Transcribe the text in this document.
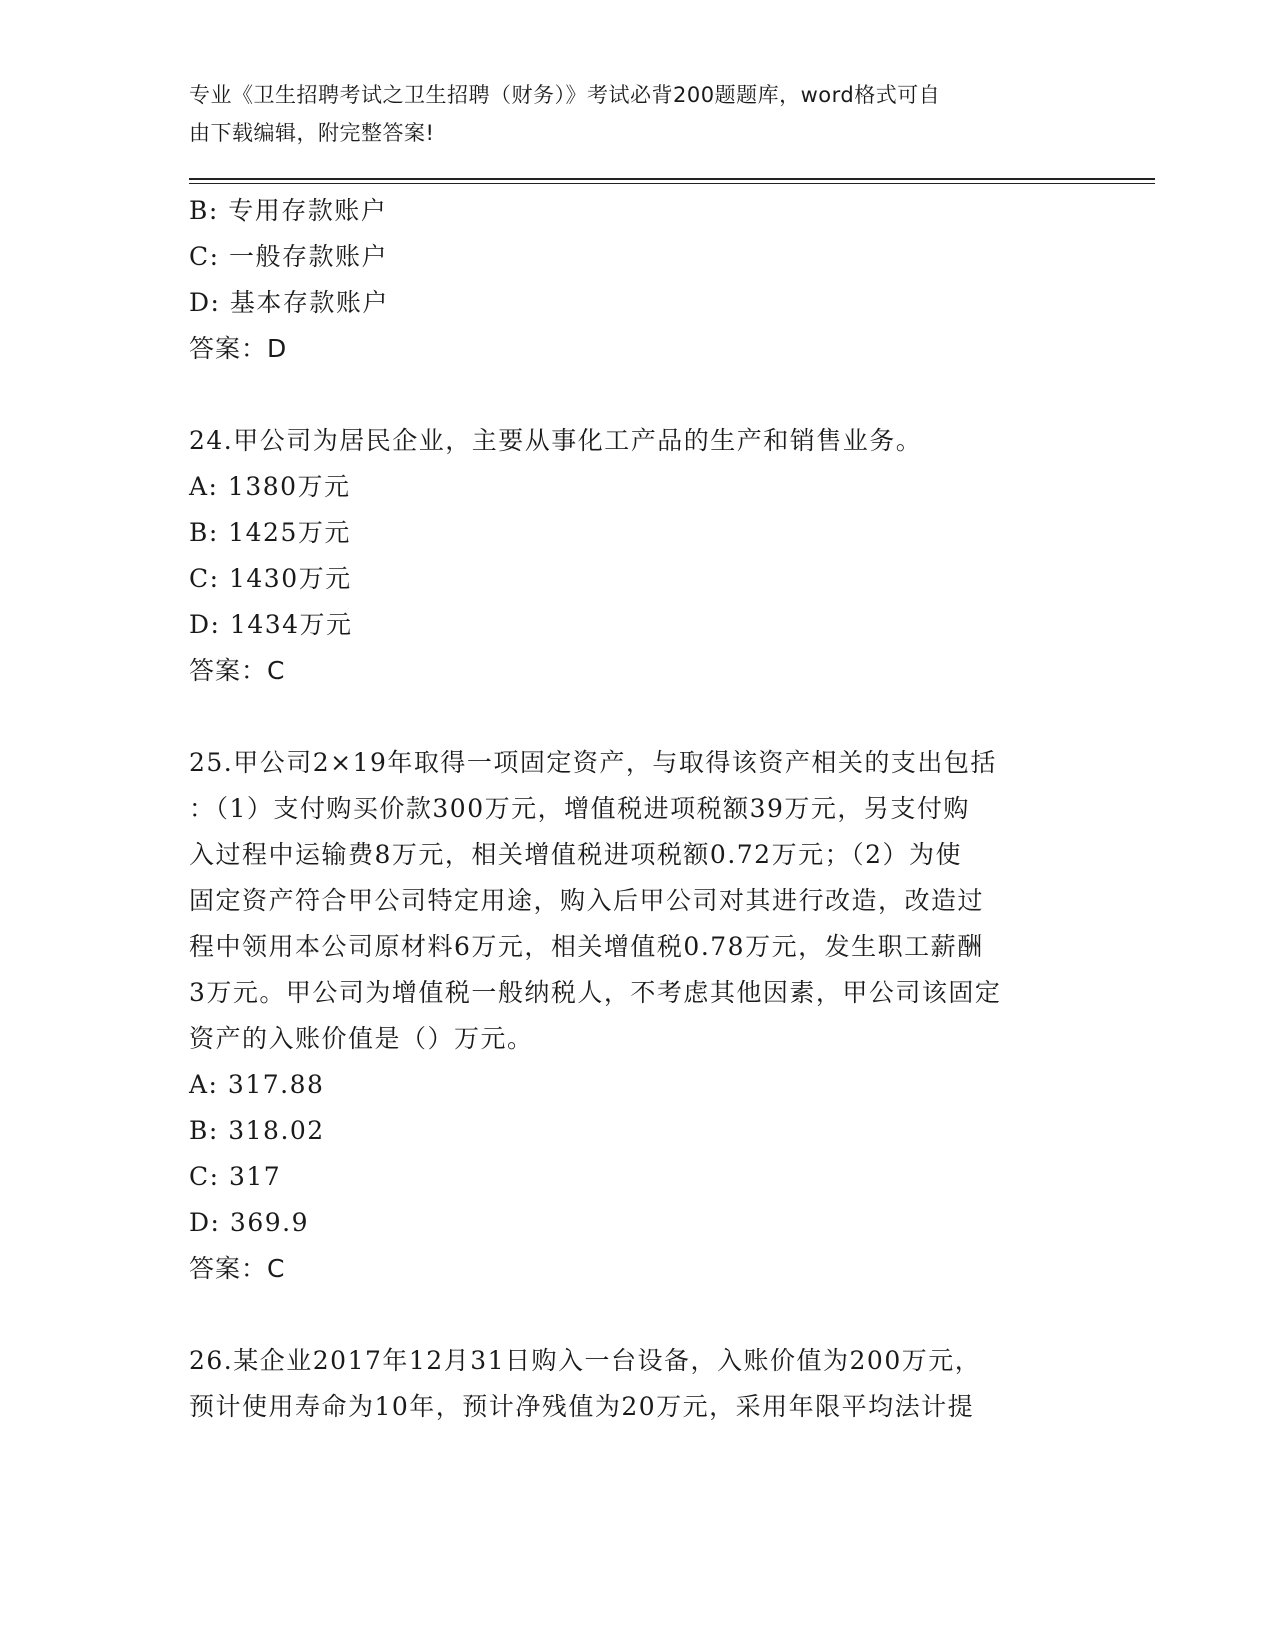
专业《卫生招聘考试之卫生招聘（财务）》考试必背200题题库，word格式可自
由下载编辑，附完整答案!
B: 专用存款账户
C: 一般存款账户
D: 基本存款账户
答案：D
24.甲公司为居民企业，主要从事化工产品的生产和销售业务。
A: 1380万元
B: 1425万元
C: 1430万元
D: 1434万元
答案：C
25.甲公司2×19年取得一项固定资产，与取得该资产相关的支出包括
：（1）支付购买价款300万元，增值税进项税额39万元，另支付购
入过程中运输费8万元，相关增值税进项税额0.72万元；（2）为使
固定资产符合甲公司特定用途，购入后甲公司对其进行改造，改造过
程中领用本公司原材料6万元，相关增值税0.78万元，发生职工薪酬
3万元。甲公司为增值税一般纳税人，不考虑其他因素，甲公司该固定
资产的入账价值是（）万元。
A: 317.88
B: 318.02
C: 317
D: 369.9
答案：C
26.某企业2017年12月31日购入一台设备，入账价值为200万元，
预计使用寿命为10年，预计净残值为20万元，采用年限平均法计提
